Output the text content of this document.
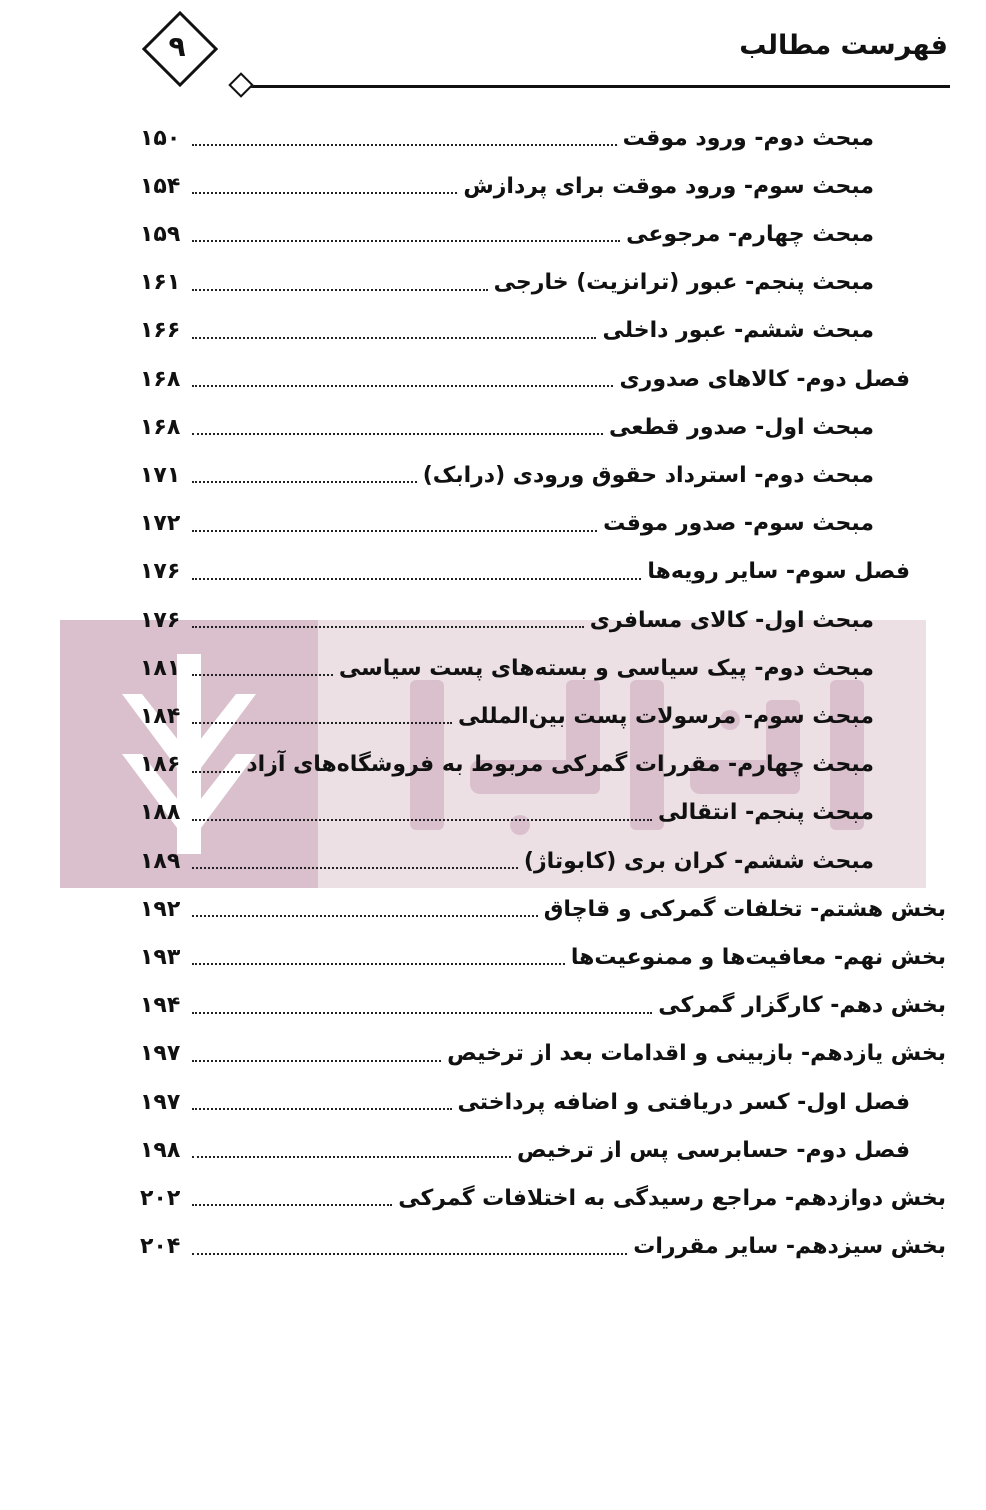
فهرست مطالب
۹
۱۵۰	مبحث دوم- ورود موقت
۱۵۴	مبحث سوم- ورود موقت برای پردازش
۱۵۹	مبحث چهارم- مرجوعی
۱۶۱	مبحث پنجم- عبور (ترانزیت) خارجی
۱۶۶	مبحث ششم- عبور داخلی
۱۶۸	فصل دوم- کالاهای صدوری
۱۶۸	مبحث اول- صدور قطعی
۱۷۱	مبحث دوم- استرداد حقوق ورودی (درابک)
۱۷۲	مبحث سوم- صدور موقت
۱۷۶	فصل سوم- سایر رویه‌ها
۱۷۶	مبحث اول- کالای مسافری
۱۸۱	مبحث دوم- پیک سیاسی و بسته‌های پست سیاسی
۱۸۴	مبحث سوم- مرسولات پست بین‌المللی
۱۸۶	مبحث چهارم- مقررات گمرکی مربوط به فروشگاه‌های آزاد
۱۸۸	مبحث پنجم- انتقالی
۱۸۹	مبحث ششم- کران بری (کابوتاژ)
۱۹۲	بخش هشتم- تخلفات گمرکی و قاچاق
۱۹۳	بخش نهم- معافیت‌ها و ممنوعیت‌ها
۱۹۴	بخش دهم- کارگزار گمرکی
۱۹۷	بخش یازدهم- بازبینی و اقدامات بعد از ترخیص
۱۹۷	فصل اول- کسر دریافتی و اضافه پرداختی
۱۹۸	فصل دوم- حسابرسی پس از ترخیص
۲۰۲	بخش دوازدهم- مراجع رسیدگی به اختلافات گمرکی
۲۰۴	بخش سیزدهم- سایر مقررات
